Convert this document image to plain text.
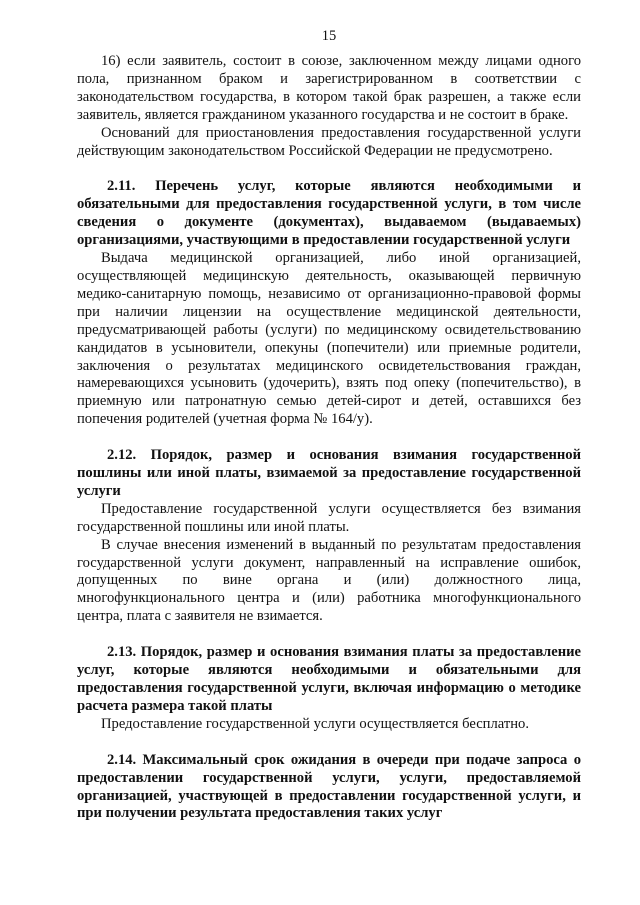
15

16) если заявитель, состоит в союзе, заключенном между лицами одного пола, признанном браком и зарегистрированном в соответствии с законодательством государства, в котором такой брак разрешен, а также если заявитель, является гражданином указанного государства и не состоит в браке.

Оснований для приостановления предоставления государственной услуги действующим законодательством Российской Федерации не предусмотрено.

2.11. Перечень услуг, которые являются необходимыми и обязательными для предоставления государственной услуги, в том числе сведения о документе (документах), выдаваемом (выдаваемых) организациями, участвующими в предоставлении государственной услуги

Выдача медицинской организацией, либо иной организацией, осуществляющей медицинскую деятельность, оказывающей первичную медико-санитарную помощь, независимо от организационно-правовой формы при наличии лицензии на осуществление медицинской деятельности, предусматривающей работы (услуги) по медицинскому освидетельствованию кандидатов в усыновители, опекуны (попечители) или приемные родители, заключения о результатах медицинского освидетельствования граждан, намеревающихся усыновить (удочерить), взять под опеку (попечительство), в приемную или патронатную семью детей-сирот и детей, оставшихся без попечения родителей (учетная форма № 164/у).

2.12. Порядок, размер и основания взимания государственной пошлины или иной платы, взимаемой за предоставление государственной услуги

Предоставление государственной услуги осуществляется без взимания государственной пошлины или иной платы.

В случае внесения изменений в выданный по результатам предоставления государственной услуги документ, направленный на исправление ошибок, допущенных по вине органа и (или) должностного лица, многофункционального центра и (или) работника многофункционального центра, плата с заявителя не взимается.

2.13. Порядок, размер и основания взимания платы за предоставление услуг, которые являются необходимыми и обязательными для предоставления государственной услуги, включая информацию о методике расчета размера такой платы

Предоставление государственной услуги осуществляется бесплатно.

2.14. Максимальный срок ожидания в очереди при подаче запроса о предоставлении государственной услуги, услуги, предоставляемой организацией, участвующей в предоставлении государственной услуги, и при получении результата предоставления таких услуг
